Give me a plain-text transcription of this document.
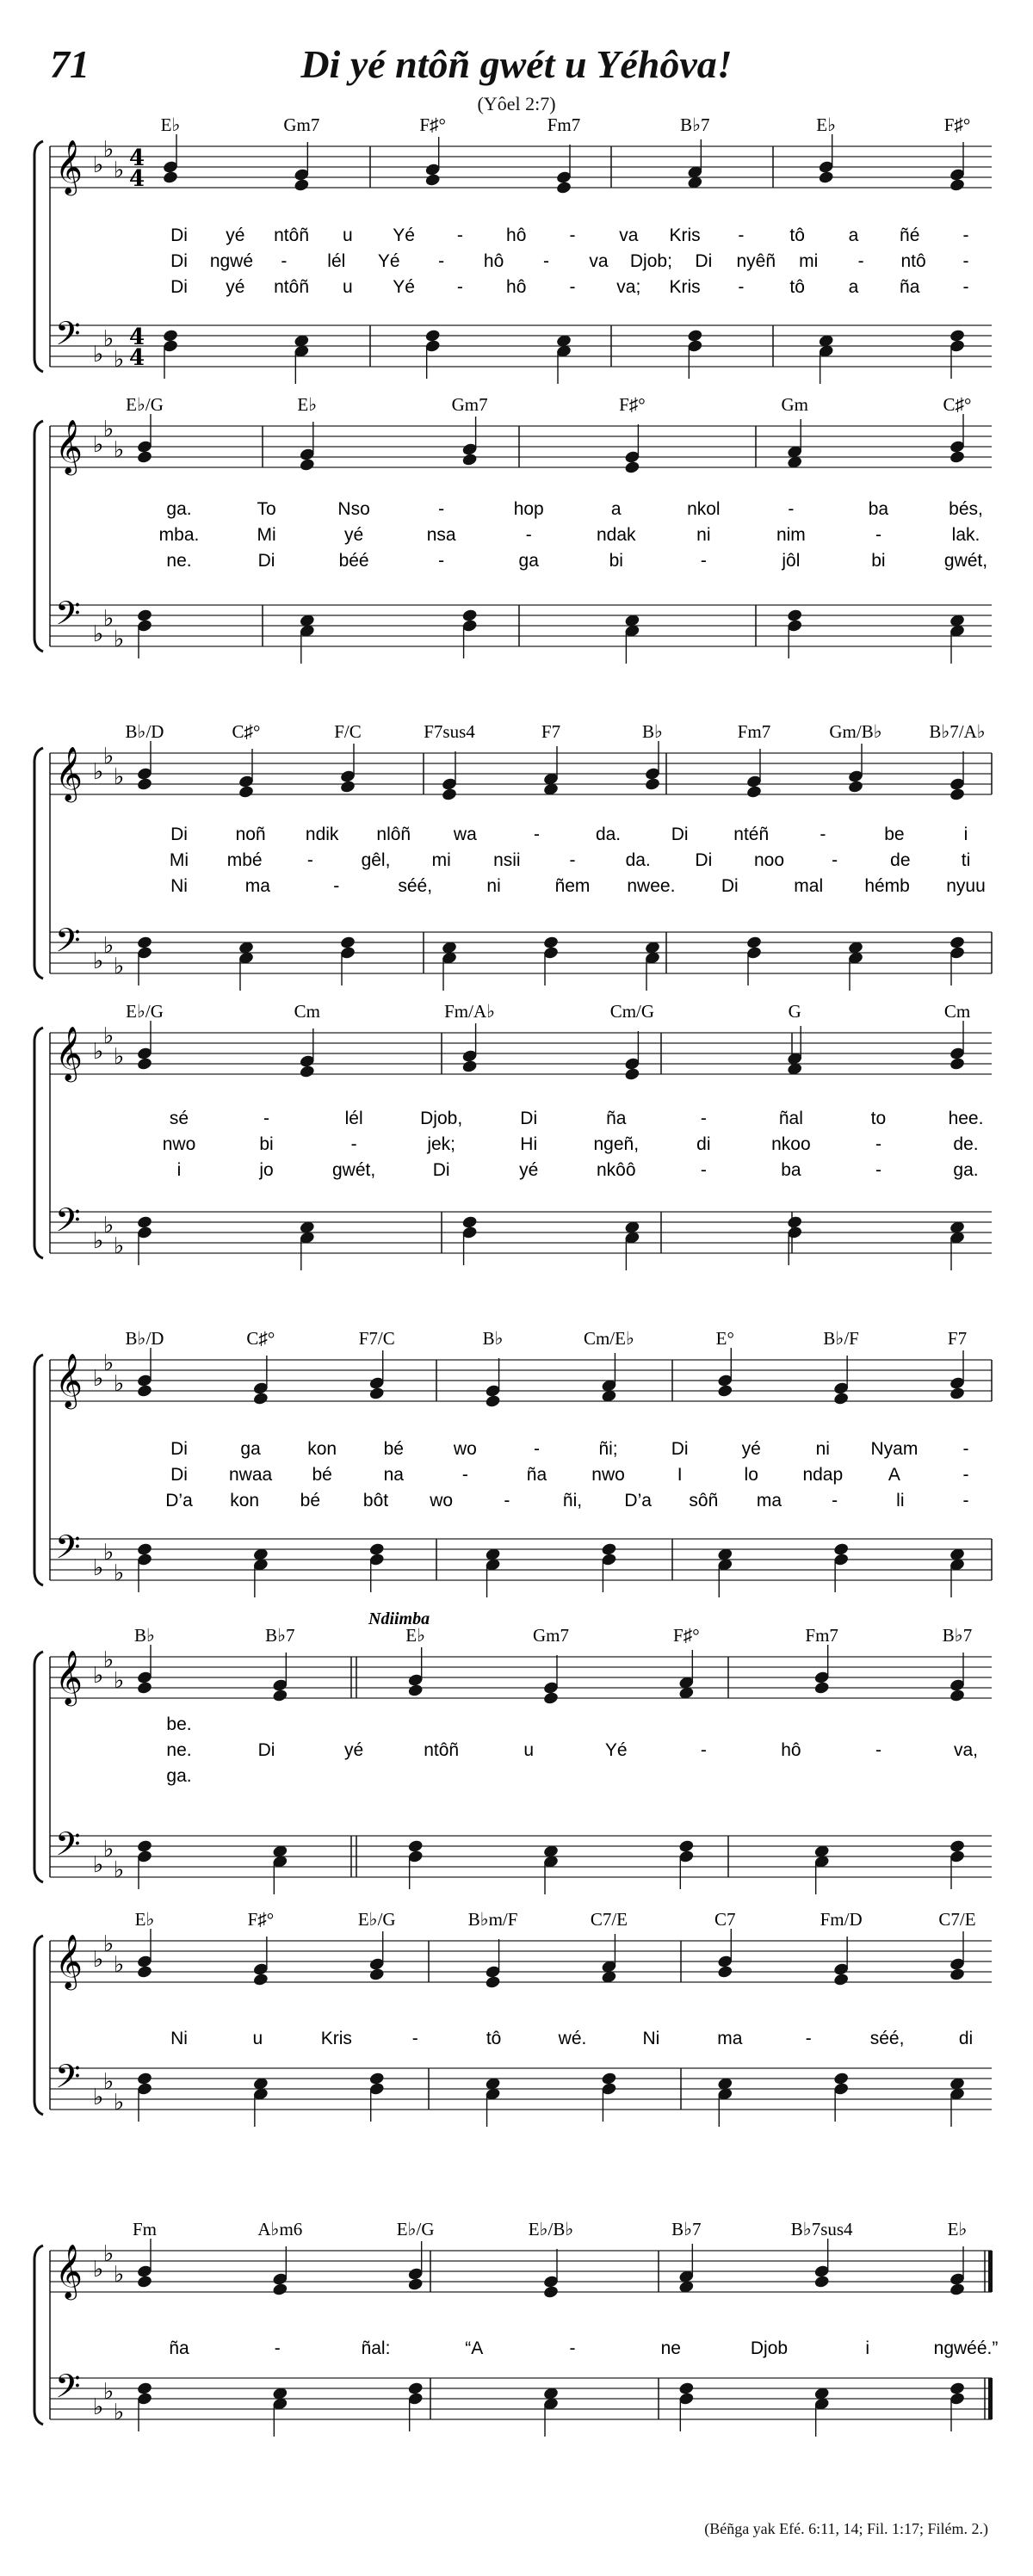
71	Di yé ntôñ gwét u Yéhôva!
(Yôel 2:7)
𝄞
𝄢
♭
♭
♭
♭
♭
♭
4
4
4
4
E♭	Gm7	F♯°	Fm7	B♭7	E♭	F♯°
Di yé ntôñ u Yé - hô - va Kris -	tô a ñé -
Di ngwé - lél Yé - hô - va Djob; Di nyêñ mi - ntô -
Di yé ntôñ u Yé - hô - va; Kris -	tô a ña -
𝄞
𝄢
♭
♭
♭
♭
♭
♭
E♭/G	E♭	Gm7	F♯°	Gm	C♯°
ga.	To	Nso	-	hop	a	nkol	-	ba	bés,
mba.	Mi	yé	nsa	-	ndak	ni	nim	-	lak.
ne.	Di	béé	-	ga	bi	-	jôl	bi	gwét,
𝄞
𝄢
♭
♭
♭
♭
♭
♭
B♭/D	C♯°	F/C	F7sus4	F7	B♭	Fm7	Gm/B♭	B♭7/A♭
Di	noñ ndik nlôñ wa	-	da.	Di	ntéñ	-	be	i
Mi mbé -	gêl, mi nsii	-	da. Di noo	-	de	ti
Ni	ma	-	séé,	ni	ñem nwee.	Di	mal hémb nyuu
𝄞
𝄢
♭
♭
♭
♭
♭
♭
E♭/G	Cm	Fm/A♭	Cm/G	G	Cm
sé	-	lél	Djob,	Di	ña	-	ñal	to	hee.
nwo	bi	-	jek;	Hi	ngeñ,	di	nkoo	-	de.
i	jo	gwét,	Di	yé	nkôô	-	ba	-	ga.
𝄞
𝄢
♭
♭
♭
♭
♭
♭
B♭/D	C♯°	F7/C	B♭	Cm/E♭	E°	B♭/F	F7
Di	ga	kon	bé	wo	-	ñi;	Di	yé	ni Nyam -
Di nwaa bé	na	-	ña nwo	I	lo ndap	A	-
D’a kon bé bôt wo	-	ñi, D’a sôñ ma	-	li	-
𝄞
𝄢
♭
♭
♭
♭
♭
♭
B♭	B♭7	E♭	Gm7	F♯°	Fm7	B♭7
Ndiimba
be.
ne.	Di	yé	ntôñ	u	Yé	-	hô	-	va,
ga.
𝄞
𝄢
♭
♭
♭
♭
♭
♭
E♭	F♯°	E♭/G	B♭m/F	C7/E	C7	Fm/D	C7/E
Ni	u	Kris	-	tô	wé.	Ni	ma	-	séé,	di
𝄞
𝄢
♭
♭
♭
♭
♭
♭
Fm	A♭m6	E♭/G	E♭/B♭	B♭7	B♭7sus4	E♭
ña	-	ñal:	“A	-	ne	Djob	i	ngwéé.”
(Béñga yak Efé. 6:11, 14; Fil. 1:17; Filém. 2.)
